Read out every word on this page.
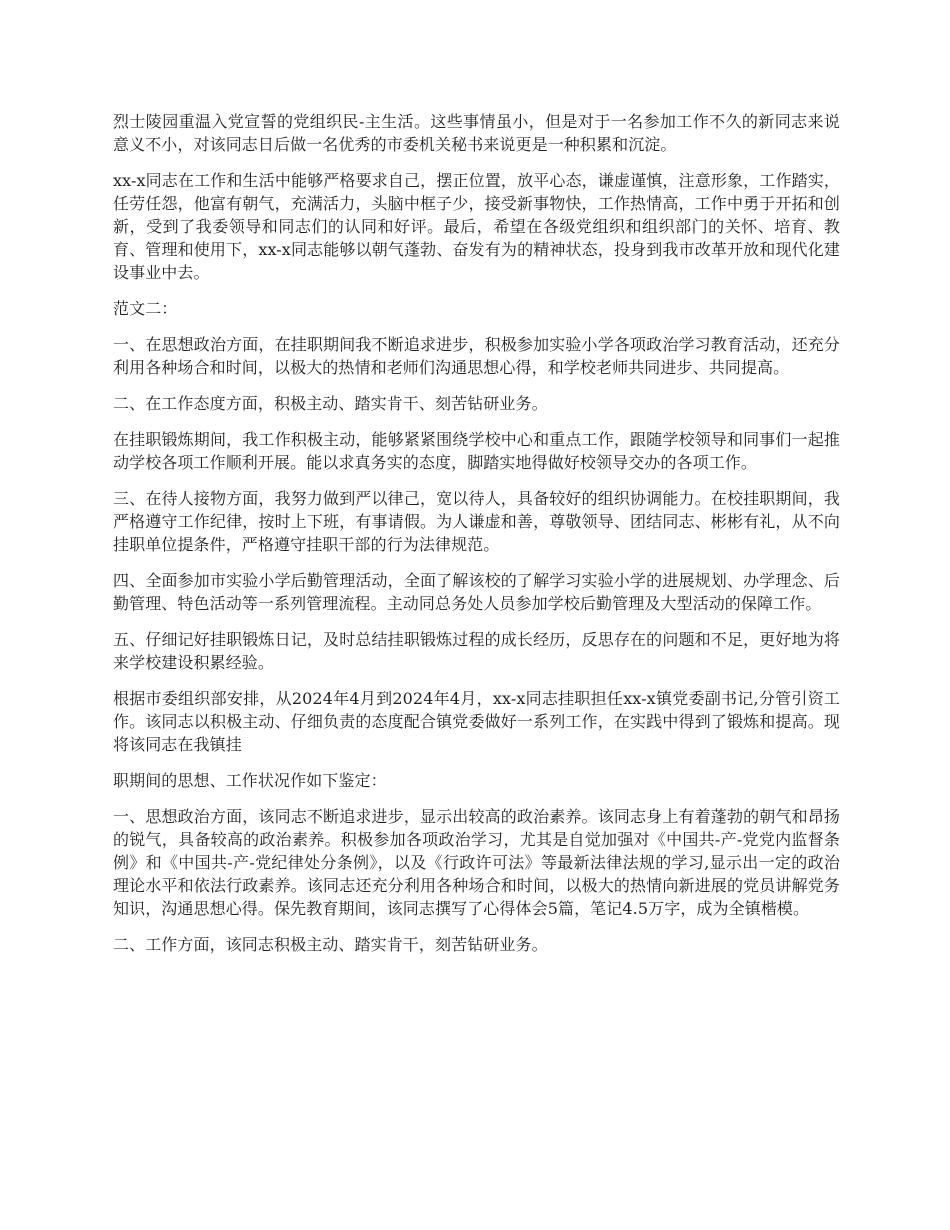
烈士陵园重温入党宣誓的党组织民-主生活。这些事情虽小，但是对于一名参加工作不久的新同志来说意义不小，对该同志日后做一名优秀的市委机关秘书来说更是一种积累和沉淀。

xx-x同志在工作和生活中能够严格要求自己，摆正位置，放平心态，谦虚谨慎，注意形象，工作踏实，任劳任怨，他富有朝气，充满活力，头脑中框子少，接受新事物快，工作热情高，工作中勇于开拓和创新，受到了我委领导和同志们的认同和好评。最后，希望在各级党组织和组织部门的关怀、培育、教育、管理和使用下，xx-x同志能够以朝气蓬勃、奋发有为的精神状态，投身到我市改革开放和现代化建设事业中去。

范文二：

一、在思想政治方面，在挂职期间我不断追求进步，积极参加实验小学各项政治学习教育活动，还充分利用各种场合和时间，以极大的热情和老师们沟通思想心得，和学校老师共同进步、共同提高。

二、在工作态度方面，积极主动、踏实肯干、刻苦钻研业务。

在挂职锻炼期间，我工作积极主动，能够紧紧围绕学校中心和重点工作，跟随学校领导和同事们一起推动学校各项工作顺利开展。能以求真务实的态度，脚踏实地得做好校领导交办的各项工作。

三、在待人接物方面，我努力做到严以律己，宽以待人，具备较好的组织协调能力。在校挂职期间，我严格遵守工作纪律，按时上下班，有事请假。为人谦虚和善，尊敬领导、团结同志、彬彬有礼，从不向挂职单位提条件，严格遵守挂职干部的行为法律规范。

四、全面参加市实验小学后勤管理活动，全面了解该校的了解学习实验小学的进展规划、办学理念、后勤管理、特色活动等一系列管理流程。主动同总务处人员参加学校后勤管理及大型活动的保障工作。

五、仔细记好挂职锻炼日记，及时总结挂职锻炼过程的成长经历，反思存在的问题和不足，更好地为将来学校建设积累经验。

根据市委组织部安排，从2024年4月到2024年4月，xx-x同志挂职担任xx-x镇党委副书记,分管引资工作。该同志以积极主动、仔细负责的态度配合镇党委做好一系列工作，在实践中得到了锻炼和提高。现将该同志在我镇挂

职期间的思想、工作状况作如下鉴定：

一、思想政治方面，该同志不断追求进步，显示出较高的政治素养。该同志身上有着蓬勃的朝气和昂扬的锐气，具备较高的政治素养。积极参加各项政治学习，尤其是自觉加强对《中国共-产-党党内监督条例》和《中国共-产-党纪律处分条例》，以及《行政许可法》等最新法律法规的学习,显示出一定的政治理论水平和依法行政素养。该同志还充分利用各种场合和时间，以极大的热情向新进展的党员讲解党务知识，沟通思想心得。保先教育期间，该同志撰写了心得体会5篇，笔记4.5万字，成为全镇楷模。

二、工作方面，该同志积极主动、踏实肯干，刻苦钻研业务。
